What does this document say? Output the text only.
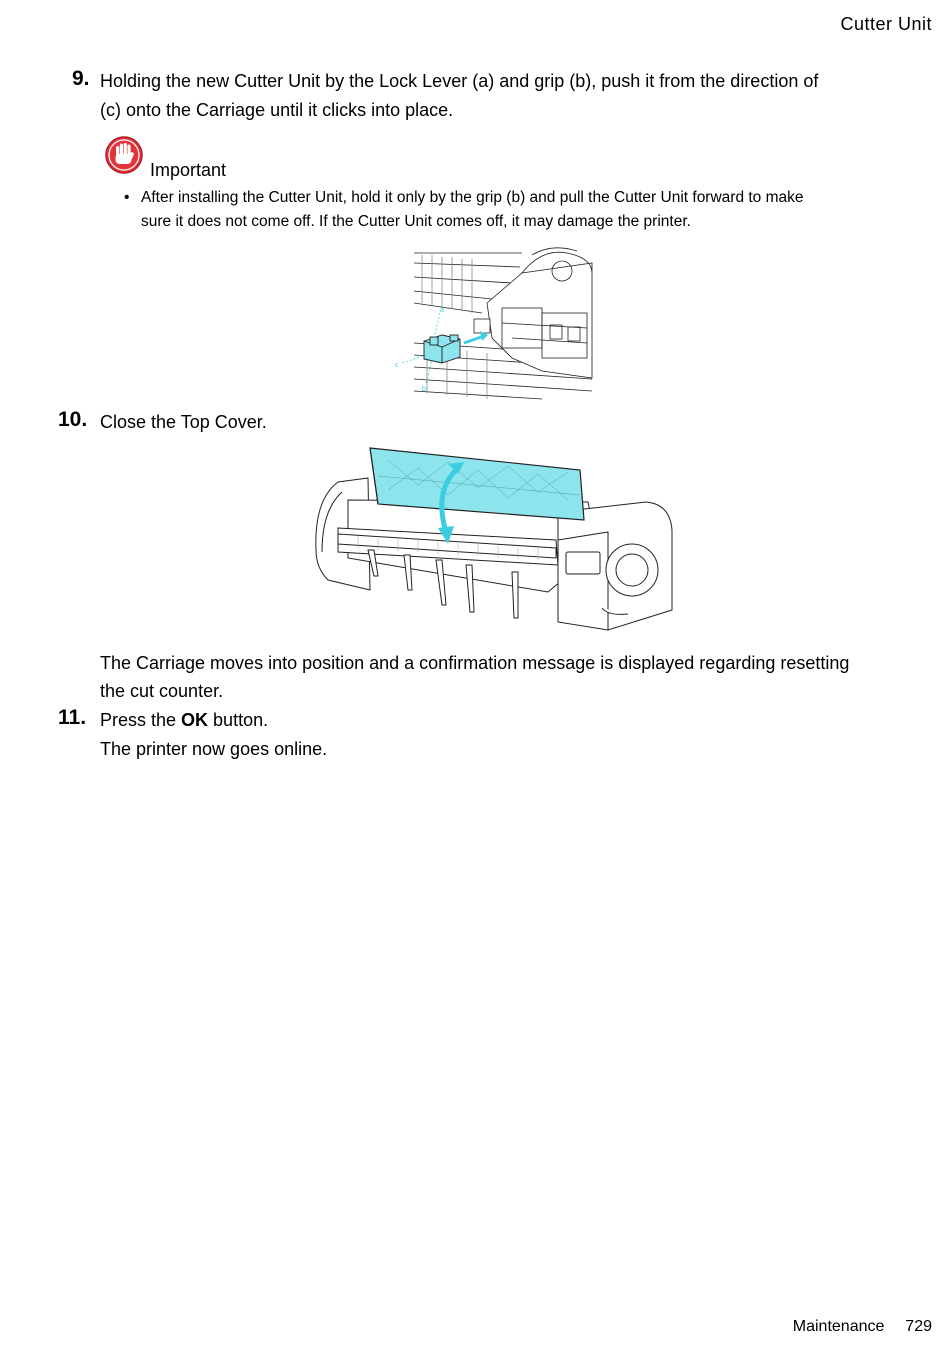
Cutter Unit
9. Holding the new Cutter Unit by the Lock Lever (a) and grip (b), push it from the direction of
(c) onto the Carriage until it clicks into place.
Important
• After installing the Cutter Unit, hold it only by the grip (b) and pull the Cutter Unit forward to make
sure it does not come off. If the Cutter Unit comes off, it may damage the printer.
a
c
b
10. Close the Top Cover.
The Carriage moves into position and a confirmation message is displayed regarding resetting
the cut counter.
11. Press the OK button.
The printer now goes online.
Maintenance 729
